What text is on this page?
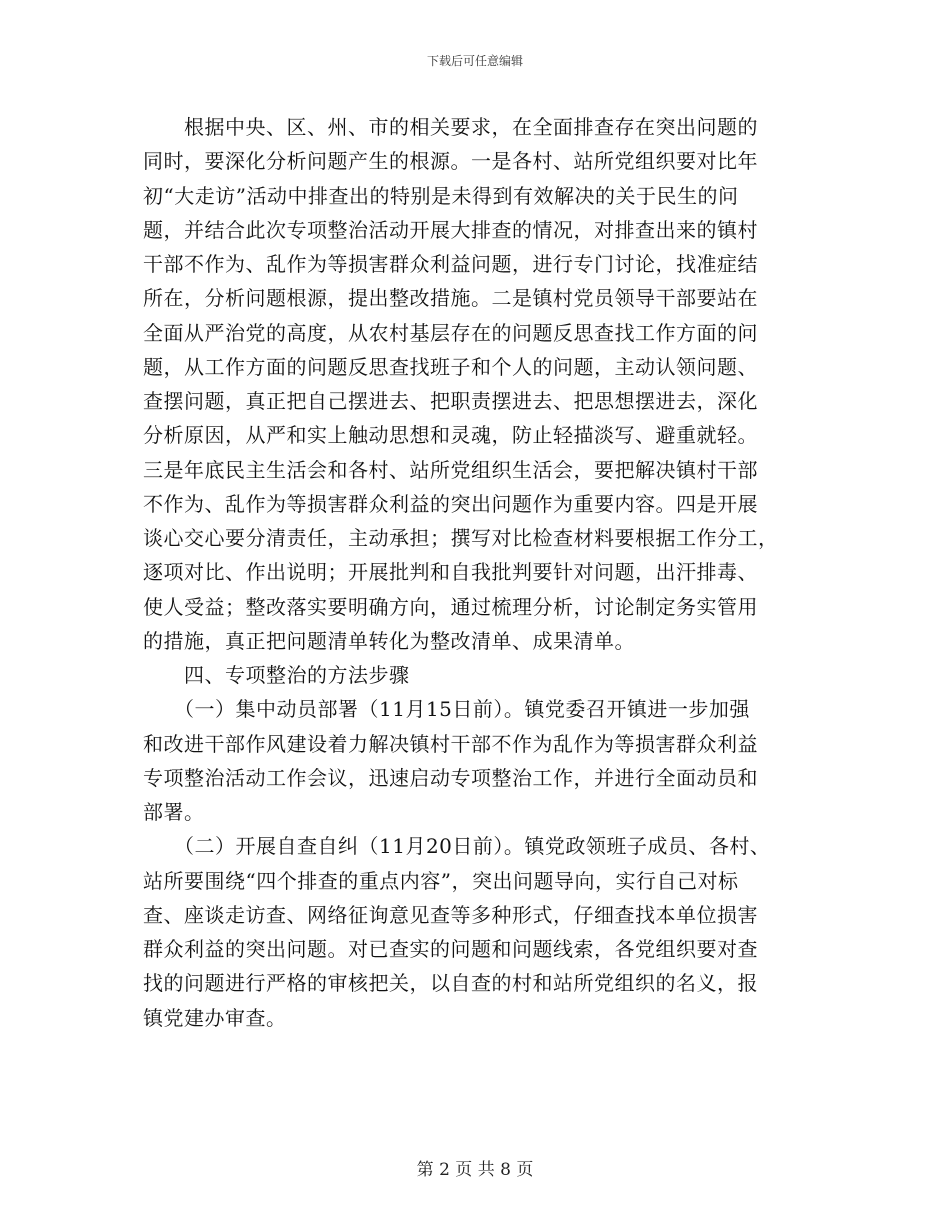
下载后可任意编辑
　　根据中央、区、州、市的相关要求，在全面排查存在突出问题的
同时，要深化分析问题产生的根源。一是各村、站所党组织要对比年
初“大走访”活动中排查出的特别是未得到有效解决的关于民生的问
题，并结合此次专项整治活动开展大排查的情况，对排查出来的镇村
干部不作为、乱作为等损害群众利益问题，进行专门讨论，找准症结
所在，分析问题根源，提出整改措施。二是镇村党员领导干部要站在
全面从严治党的高度，从农村基层存在的问题反思查找工作方面的问
题，从工作方面的问题反思查找班子和个人的问题，主动认领问题、
查摆问题，真正把自己摆进去、把职责摆进去、把思想摆进去，深化
分析原因，从严和实上触动思想和灵魂，防止轻描淡写、避重就轻。
三是年底民主生活会和各村、站所党组织生活会，要把解决镇村干部
不作为、乱作为等损害群众利益的突出问题作为重要内容。四是开展
谈心交心要分清责任，主动承担；撰写对比检查材料要根据工作分工，
逐项对比、作出说明；开展批判和自我批判要针对问题，出汗排毒、
使人受益；整改落实要明确方向，通过梳理分析，讨论制定务实管用
的措施，真正把问题清单转化为整改清单、成果清单。
　　四、专项整治的方法步骤
　　（一）集中动员部署（11月15日前）。镇党委召开镇进一步加强
和改进干部作风建设着力解决镇村干部不作为乱作为等损害群众利益
专项整治活动工作会议，迅速启动专项整治工作，并进行全面动员和
部署。
　　（二）开展自查自纠（11月20日前）。镇党政领班子成员、各村、
站所要围绕“四个排查的重点内容”，突出问题导向，实行自己对标
查、座谈走访查、网络征询意见查等多种形式，仔细查找本单位损害
群众利益的突出问题。对已查实的问题和问题线索，各党组织要对查
找的问题进行严格的审核把关，以自查的村和站所党组织的名义，报
镇党建办审查。
第 2 页 共 8 页
